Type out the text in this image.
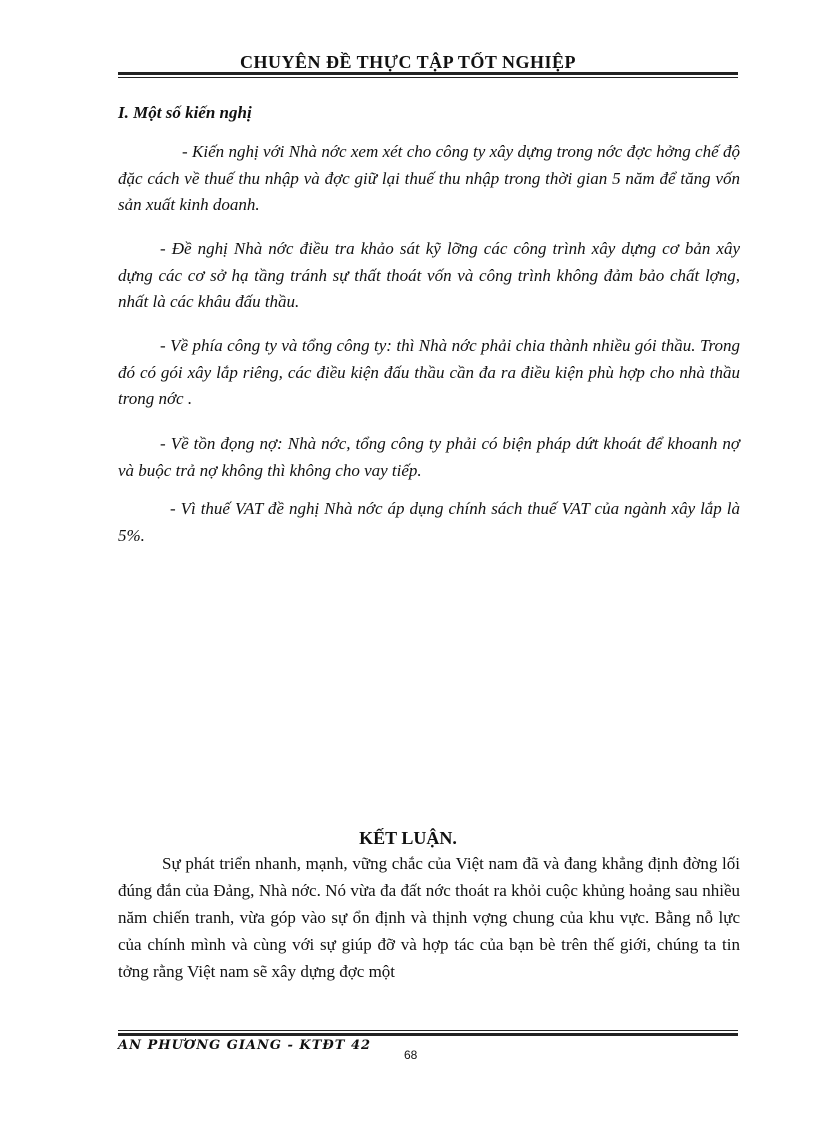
CHUYÊN ĐỀ THỰC TẬP TỐT NGHIỆP
I. Một số kiến nghị

- Kiến nghị với Nhà nớc xem xét cho công ty xây dựng trong nớc đợc hởng chế độ đặc cách về thuế thu nhập và đợc giữ lại thuế thu nhập trong thời gian 5 năm để tăng vốn sản xuất kinh doanh.

- Đề nghị Nhà nớc điều tra khảo sát kỹ lỡng các công trình xây dựng cơ bản xây dựng các cơ sở hạ tầng tránh sự thất thoát vốn và công trình không đảm bảo chất lợng, nhất là các khâu đấu thầu.

- Về phía công ty và tổng công ty: thì Nhà nớc phải chia thành nhiều gói thầu. Trong đó có gói xây lắp riêng, các điều kiện đấu thầu cần đa ra điều kiện phù hợp cho nhà thầu trong nớc .

- Về tồn đọng nợ: Nhà nớc, tổng công ty phải có biện pháp dứt khoát để khoanh nợ và buộc trả nợ không thì không cho vay tiếp.

- Vì thuế VAT đề nghị Nhà nớc áp dụng chính sách thuế VAT của ngành xây lắp là 5%.

KẾT LUẬN.

Sự phát triển nhanh, mạnh, vững chắc của Việt nam đã và đang khẳng định đờng lối đúng đắn của Đảng, Nhà nớc. Nó vừa đa đất nớc thoát ra khỏi cuộc khủng hoảng sau nhiều năm chiến tranh, vừa góp vào sự ổn định và thịnh vợng chung của khu vực. Bằng nỗ lực của chính mình và cùng với sự giúp đỡ và hợp tác của bạn bè trên thế giới, chúng ta tin tởng rằng Việt nam sẽ xây dựng đợc một

AN PHƯƠNG GIANG - KTĐT 42
68
